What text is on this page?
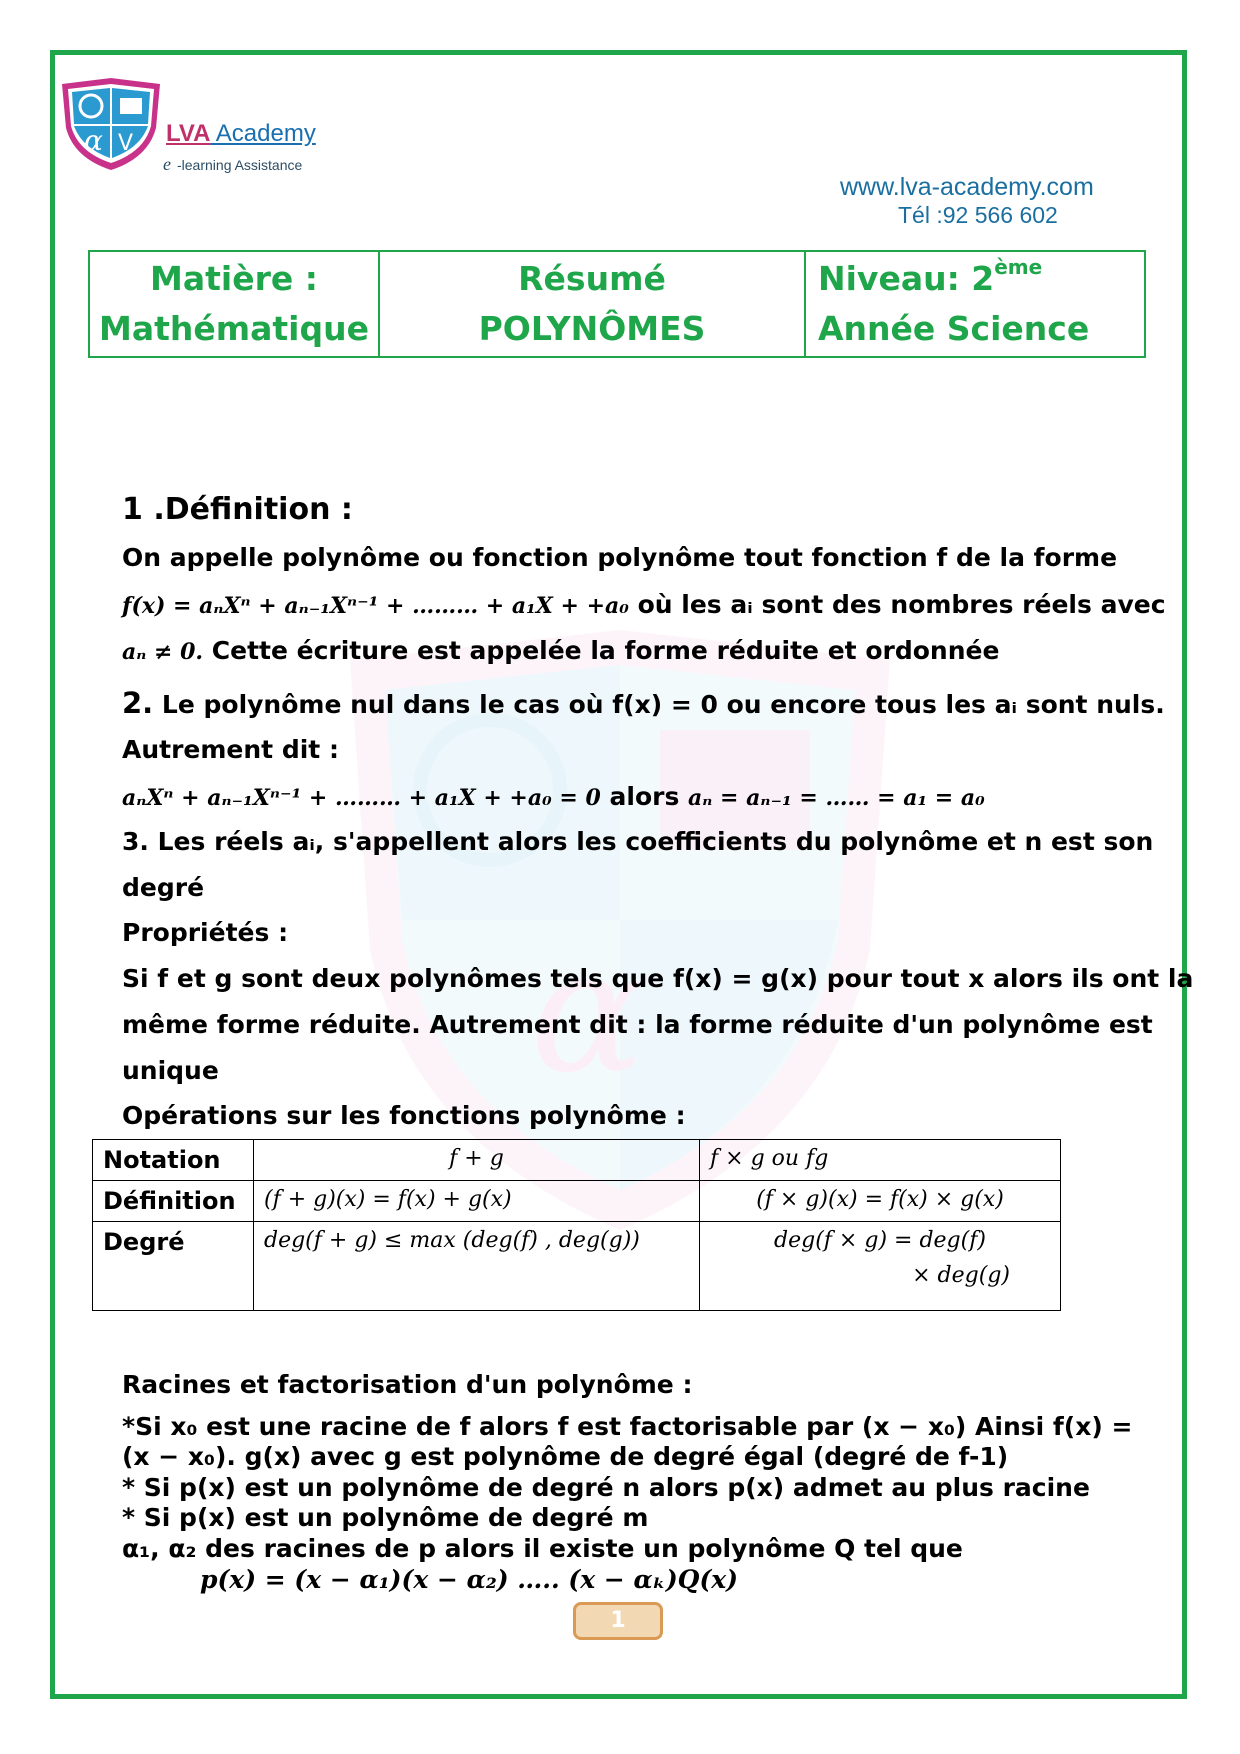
α
α V LVA Academy
e -learning Assistance
www.lva-academy.com
Tél :92 566 602
Matière :
Mathématique

Résumé
POLYNÔMES

Niveau: 2ème
Année Science
1 .Définition :
On appelle polynôme ou fonction polynôme tout fonction f de la forme
f(x) = aₙXⁿ + aₙ₋₁Xⁿ⁻¹ + ……… + a₁X + +a₀ où les aᵢ sont des nombres réels avec
aₙ ≠ 0. Cette écriture est appelée la forme réduite et ordonnée
2. Le polynôme nul dans le cas où f(x) = 0 ou encore tous les aᵢ sont nuls.
Autrement dit :
aₙXⁿ + aₙ₋₁Xⁿ⁻¹ + ……… + a₁X + +a₀ = 0 alors aₙ = aₙ₋₁ = …… = a₁ = a₀
3. Les réels aᵢ, s'appellent alors les coefficients du polynôme et n est son
degré
Propriétés :
Si f et g sont deux polynômes tels que f(x) = g(x) pour tout x alors ils ont la
même forme réduite. Autrement dit : la forme réduite d'un polynôme est
unique
Opérations sur les fonctions polynôme :
Notation	f + g	f × g ou fg
Définition	(f + g)(x) = f(x) + g(x)	(f × g)(x) = f(x) × g(x)
Degré	deg(f + g) ≤ max (deg(f) , deg(g))	deg(f × g) = deg(f)
× deg(g)
Racines et factorisation d'un polynôme :
*Si x₀ est une racine de f alors f est factorisable par (x − x₀) Ainsi f(x) =
(x − x₀). g(x) avec g est polynôme de degré égal (degré de f-1)
* Si p(x) est un polynôme de degré n alors p(x) admet au plus racine
* Si p(x) est un polynôme de degré m
α₁, α₂ des racines de p alors il existe un polynôme Q tel que
p(x) = (x − α₁)(x − α₂) ….. (x − αₖ)Q(x)
1
